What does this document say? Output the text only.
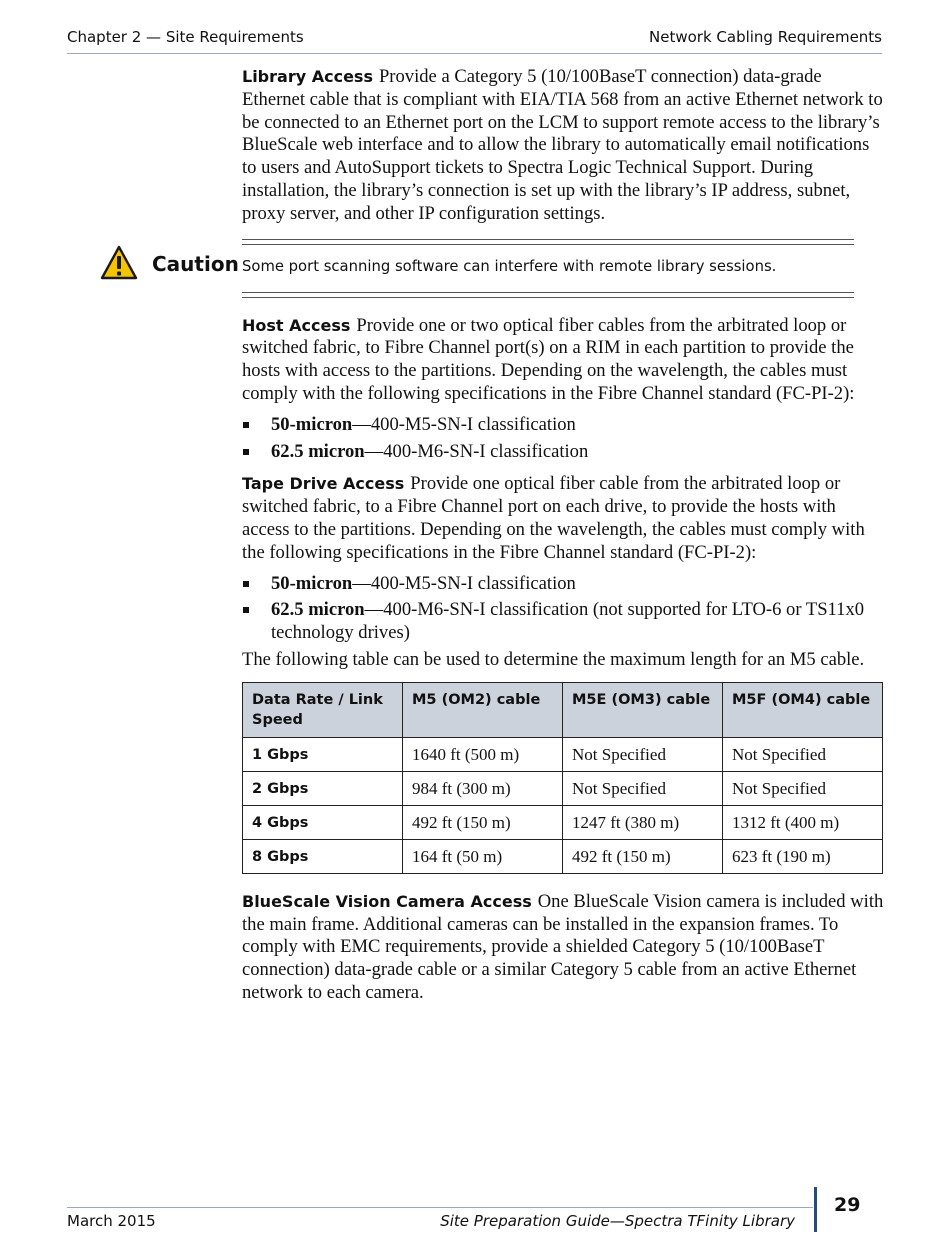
Chapter 2 — Site Requirements	Network Cabling Requirements

Library Access Provide a Category 5 (10/100BaseT connection) data-grade Ethernet cable that is compliant with EIA/TIA 568 from an active Ethernet network to be connected to an Ethernet port on the LCM to support remote access to the library’s BlueScale web interface and to allow the library to automatically email notifications to users and AutoSupport tickets to Spectra Logic Technical Support. During installation, the library’s connection is set up with the library’s IP address, subnet, proxy server, and other IP configuration settings.

Caution Some port scanning software can interfere with remote library sessions.

Host Access Provide one or two optical fiber cables from the arbitrated loop or switched fabric, to Fibre Channel port(s) on a RIM in each partition to provide the hosts with access to the partitions. Depending on the wavelength, the cables must comply with the following specifications in the Fibre Channel standard (FC-PI-2):

50-micron—400-M5-SN-I classification
62.5 micron—400-M6-SN-I classification

Tape Drive Access Provide one optical fiber cable from the arbitrated loop or switched fabric, to a Fibre Channel port on each drive, to provide the hosts with access to the partitions. Depending on the wavelength, the cables must comply with the following specifications in the Fibre Channel standard (FC-PI-2):

50-micron—400-M5-SN-I classification
62.5 micron—400-M6-SN-I classification (not supported for LTO-6 or TS11x0 technology drives)

The following table can be used to determine the maximum length for an M5 cable.

Data Rate / Link Speed	M5 (OM2) cable	M5E (OM3) cable	M5F (OM4) cable
1 Gbps	1640 ft (500 m)	Not Specified	Not Specified
2 Gbps	984 ft (300 m)	Not Specified	Not Specified
4 Gbps	492 ft (150 m)	1247 ft (380 m)	1312 ft (400 m)
8 Gbps	164 ft (50 m)	492 ft (150 m)	623 ft (190 m)

BlueScale Vision Camera Access One BlueScale Vision camera is included with the main frame. Additional cameras can be installed in the expansion frames. To comply with EMC requirements, provide a shielded Category 5 (10/100BaseT connection) data-grade cable or a similar Category 5 cable from an active Ethernet network to each camera.

March 2015	Site Preparation Guide—Spectra TFinity Library
29
